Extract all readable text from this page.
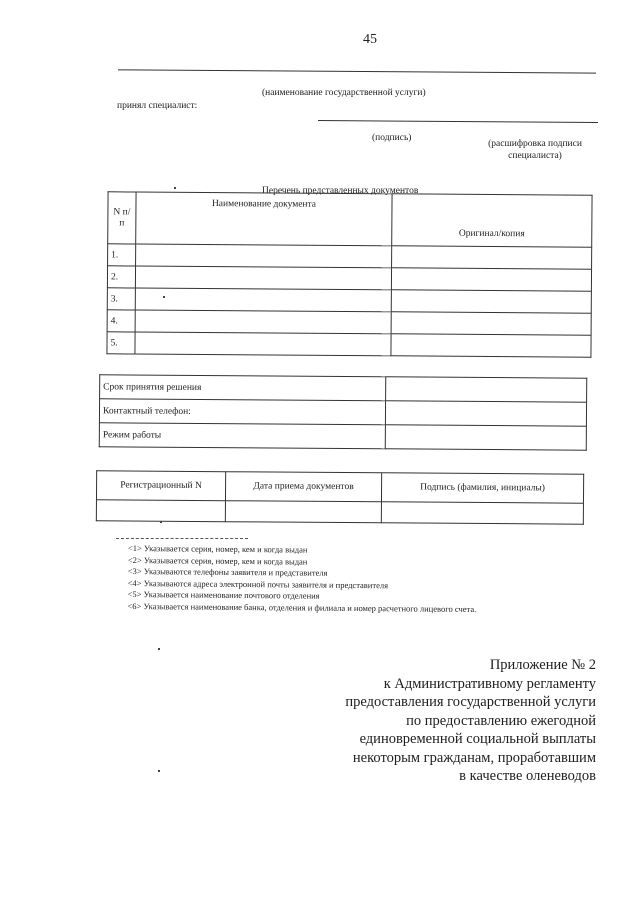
45
(наименование государственной услуги)
принял специалист:
(подпись)
(расшифровка подписи специалиста)
Перечень представленных документов
N п/п	Наименование документа	Оригинал/копия
1.		
2.		
3.		
4.		
5.		
Срок принятия решения	
Контактный телефон:	
Режим работы	
Регистрационный N	Дата приема документов	Подпись (фамилия, инициалы)

<1> Указывается серия, номер, кем и когда выдан
<2> Указывается серия, номер, кем и когда выдан
<3> Указываются телефоны заявителя и представителя
<4> Указываются адреса электронной почты заявителя и представителя
<5> Указывается наименование почтового отделения
<6> Указывается наименование банка, отделения и филиала и номер расчетного лицевого счета.
Приложение № 2
к Административному регламенту
предоставления государственной услуги
по предоставлению ежегодной
единовременной социальной выплаты
некоторым гражданам, проработавшим
в качестве оленеводов
